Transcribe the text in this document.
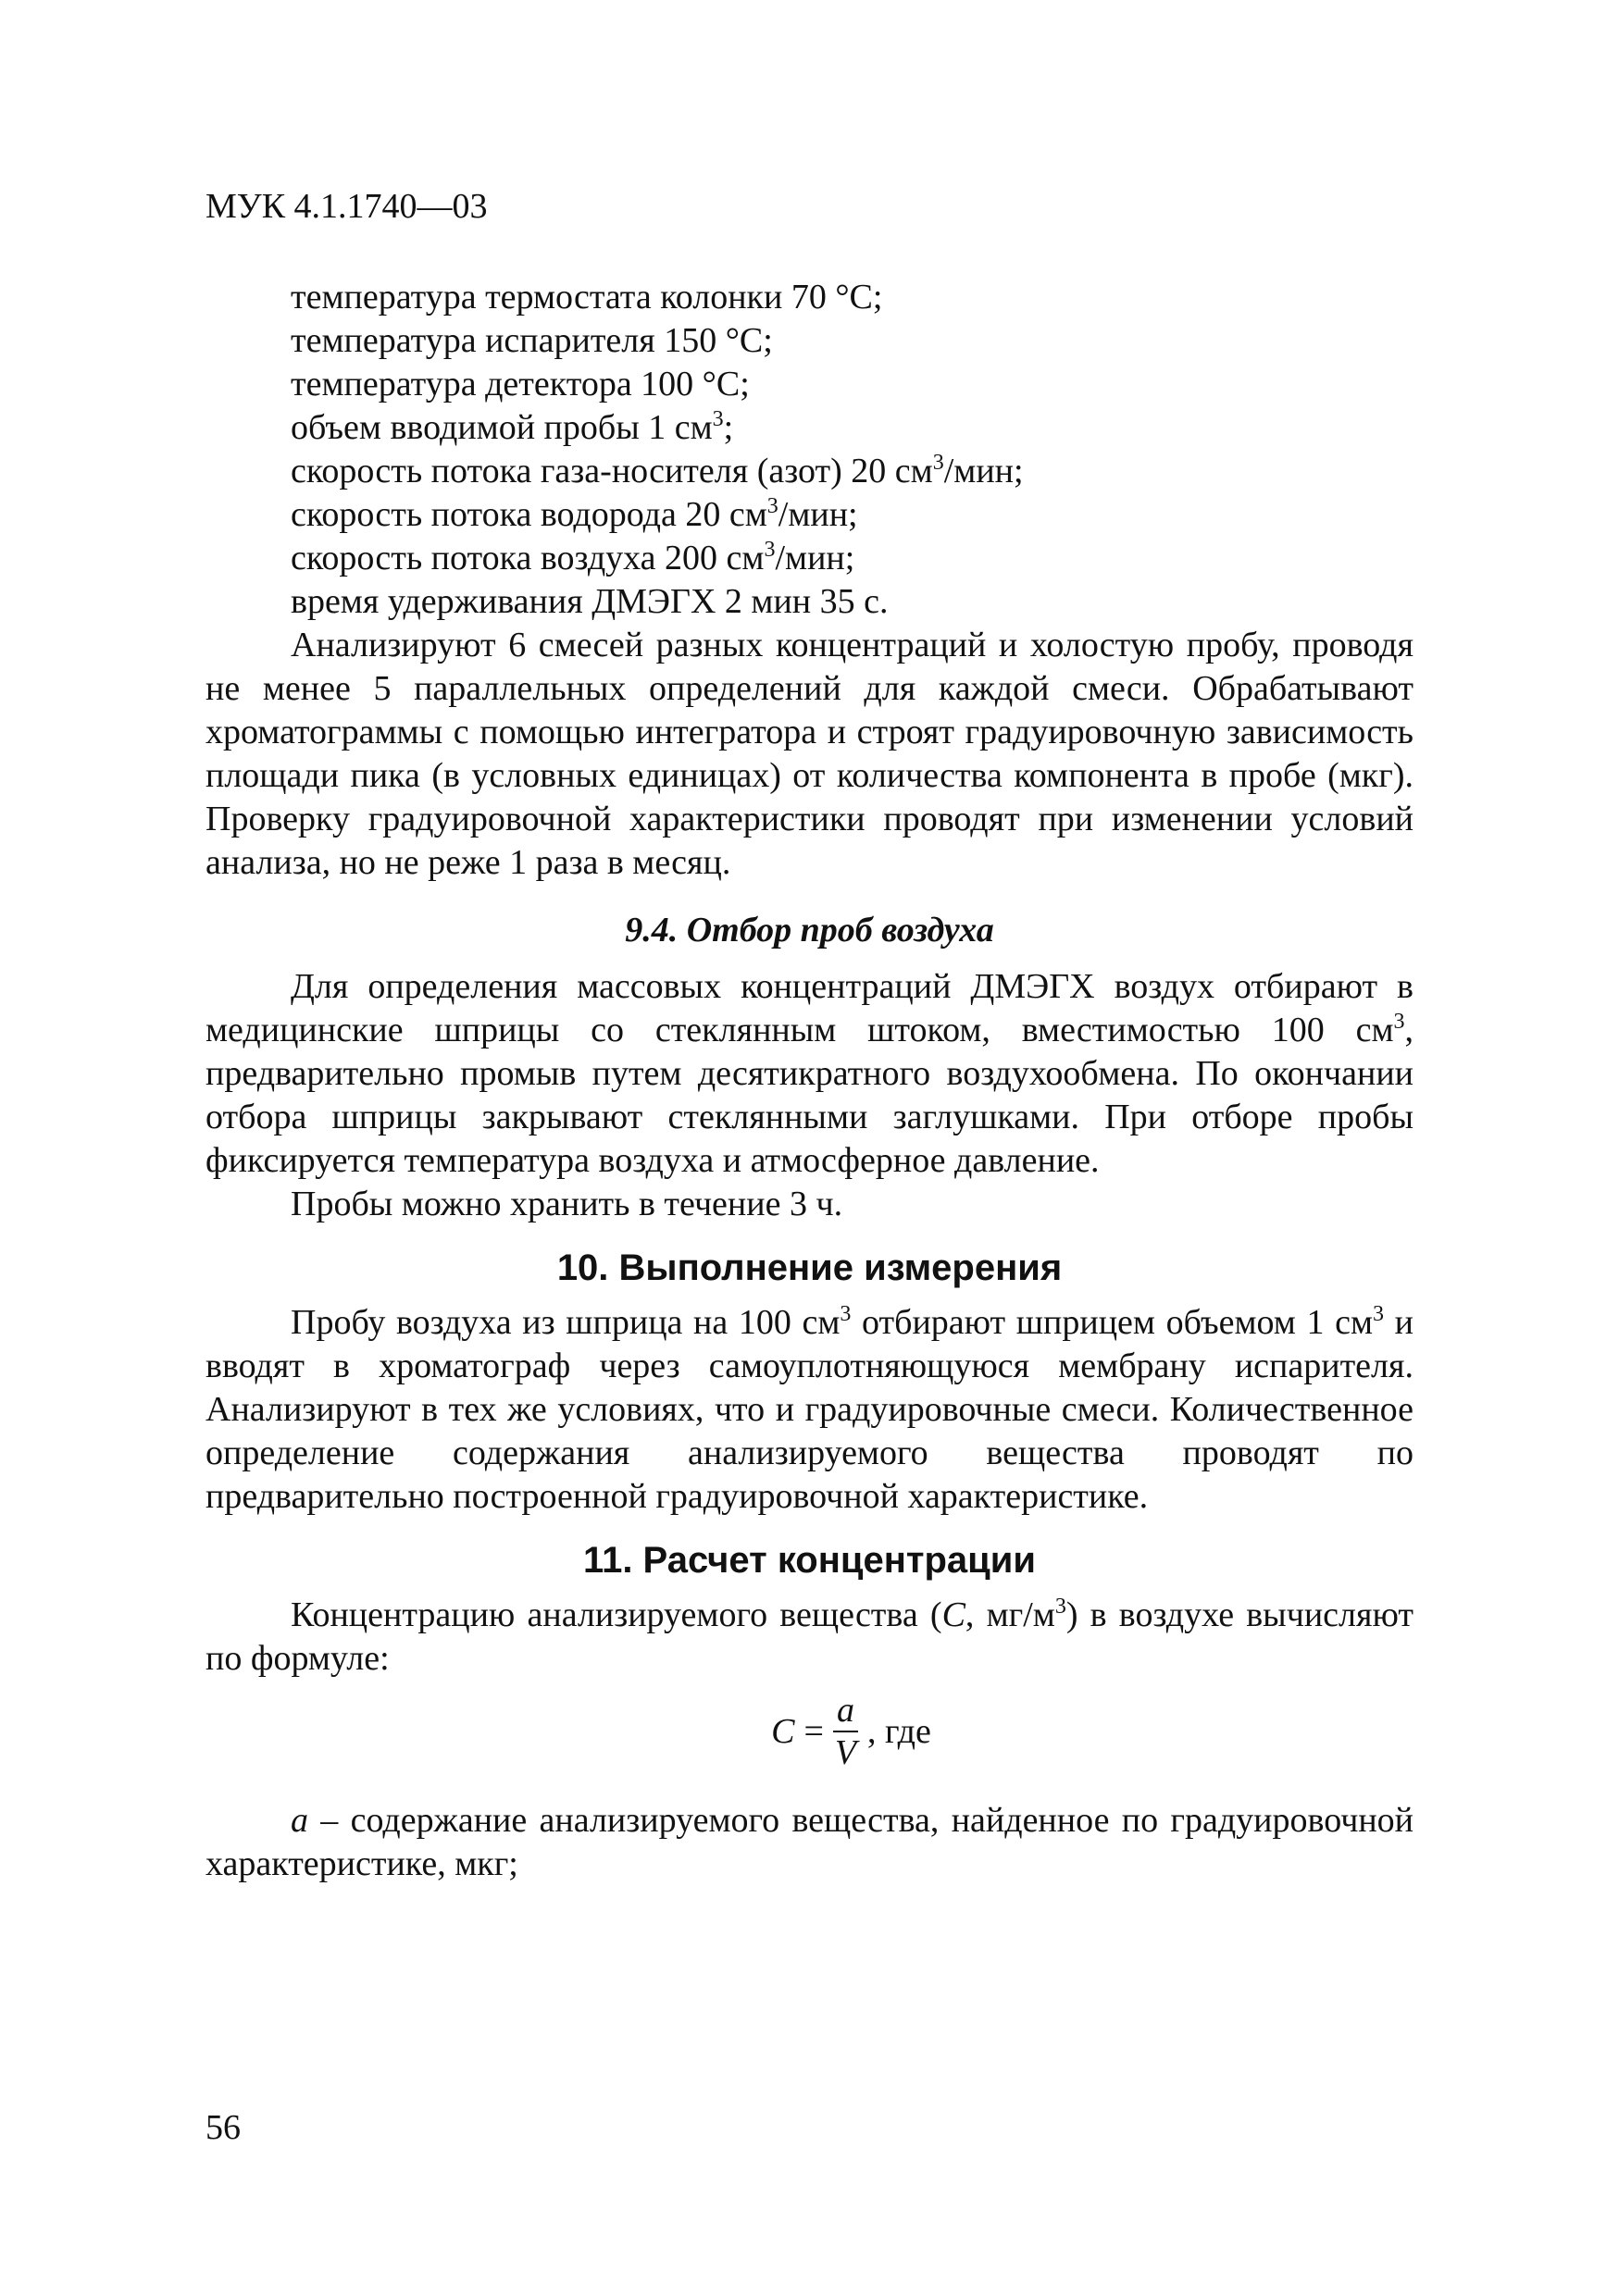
МУК 4.1.1740—03
температура термостата колонки 70 °С;
температура испарителя 150 °С;
температура детектора 100 °С;
объем вводимой пробы 1 $см^3$;
скорость потока газа-носителя (азот) 20 $см^3$/мин;
скорость потока водорода 20 $см^3$/мин;
скорость потока воздуха 200 $см^3$/мин;
время удерживания ДМЭГХ 2 мин 35 с.

Анализируют 6 смесей разных концентраций и холостую пробу, проводя не менее 5 параллельных определений для каждой смеси. Обрабатывают хроматограммы с помощью интегратора и строят градуировочную зависимость площади пика (в условных единицах) от количества компонента в пробе (мкг). Проверку градуировочной характеристики проводят при изменении условий анализа, но не реже 1 раза в месяц.

9.4. Отбор проб воздуха

Для определения массовых концентраций ДМЭГХ воздух отбирают в медицинские шприцы со стеклянным штоком, вместимостью 100 $см^3$, предварительно промыв путем десятикратного воздухообмена. По окончании отбора шприцы закрывают стеклянными заглушками. При отборе пробы фиксируется температура воздуха и атмосферное давление.

Пробы можно хранить в течение 3 ч.

10. Выполнение измерения

Пробу воздуха из шприца на 100 $см^3$ отбирают шприцем объемом 1 $см^3$ и вводят в хроматограф через самоуплотняющуюся мембрану испарителя. Анализируют в тех же условиях, что и градуировочные смеси. Количественное определение содержания анализируемого вещества проводят по предварительно построенной градуировочной характеристике.

11. Расчет концентрации

Концентрацию анализируемого вещества (С, $мг/м^3$) в воздухе вычисляют по формуле:

$С = \frac{a}{V}$ , где

а – содержание анализируемого вещества, найденное по градуировочной характеристике, мкг;

56
